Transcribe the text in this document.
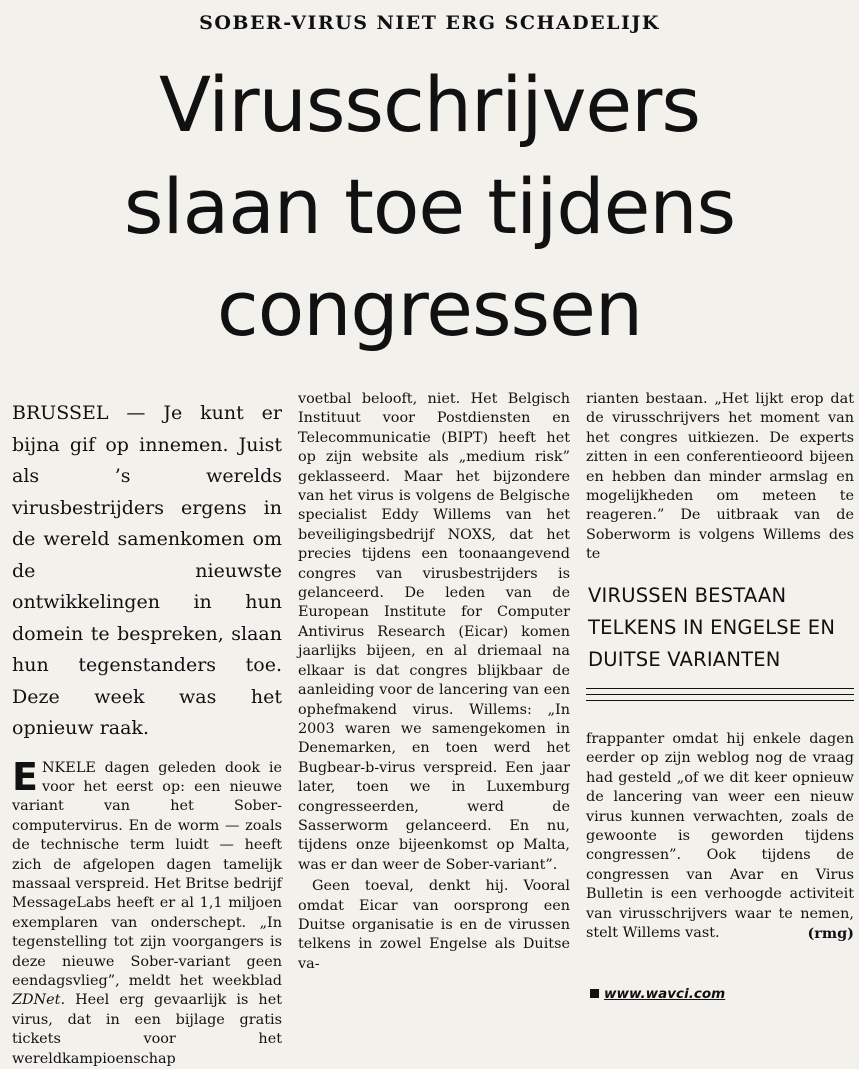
SOBER-VIRUS NIET ERG SCHADELIJK
Virusschrijvers
slaan toe tijdens
congressen

BRUSSEL — Je kunt er bijna gif op innemen. Juist als ’s werelds virusbestrijders ergens in de wereld samenkomen om de nieuwste ontwikkelingen in hun domein te bespreken, slaan hun tegenstanders toe. Deze week was het opnieuw raak.

ENKELE dagen geleden dook ie voor het eerst op: een nieuwe variant van het Sober-computervirus. En de worm — zoals de technische term luidt — heeft zich de afgelopen dagen tamelijk massaal verspreid. Het Britse bedrijf MessageLabs heeft er al 1,1 miljoen exemplaren van onderschept. „In tegenstelling tot zijn voorgangers is deze nieuwe Sober-variant geen eendagsvlieg”, meldt het weekblad ZDNet. Heel erg gevaarlijk is het virus, dat in een bijlage gratis tickets voor het wereldkampioenschap

voetbal belooft, niet. Het Belgisch Instituut voor Postdiensten en Telecommunicatie (BIPT) heeft het op zijn website als „medium risk” geklasseerd. Maar het bijzondere van het virus is volgens de Belgische specialist Eddy Willems van het beveiligingsbedrijf NOXS, dat het precies tijdens een toonaangevend congres van virusbestrijders is gelanceerd. De leden van de European Institute for Computer Antivirus Research (Eicar) komen jaarlijks bijeen, en al driemaal na elkaar is dat congres blijkbaar de aanleiding voor de lancering van een ophefmakend virus. Willems: „In 2003 waren we samengekomen in Denemarken, en toen werd het Bugbear-b-virus verspreid. Een jaar later, toen we in Luxemburg congresseerden, werd de Sasserworm gelanceerd. En nu, tijdens onze bijeenkomst op Malta, was er dan weer de Sober-variant”.

Geen toeval, denkt hij. Vooral omdat Eicar van oorsprong een Duitse organisatie is en de virussen telkens in zowel Engelse als Duitse va-

rianten bestaan. „Het lijkt erop dat de virusschrijvers het moment van het congres uitkiezen. De experts zitten in een conferentieoord bijeen en hebben dan minder armslag en mogelijkheden om meteen te reageren.” De uitbraak van de Soberworm is volgens Willems des te

VIRUSSEN BESTAAN TELKENS IN ENGELSE EN DUITSE VARIANTEN

frappanter omdat hij enkele dagen eerder op zijn weblog nog de vraag had gesteld „of we dit keer opnieuw de lancering van weer een nieuw virus kunnen verwachten, zoals de gewoonte is geworden tijdens congressen”. Ook tijdens de congressen van Avar en Virus Bulletin is een verhoogde activiteit van virusschrijvers waar te nemen, stelt Willems vast.	(rmg)

www.wavci.com
